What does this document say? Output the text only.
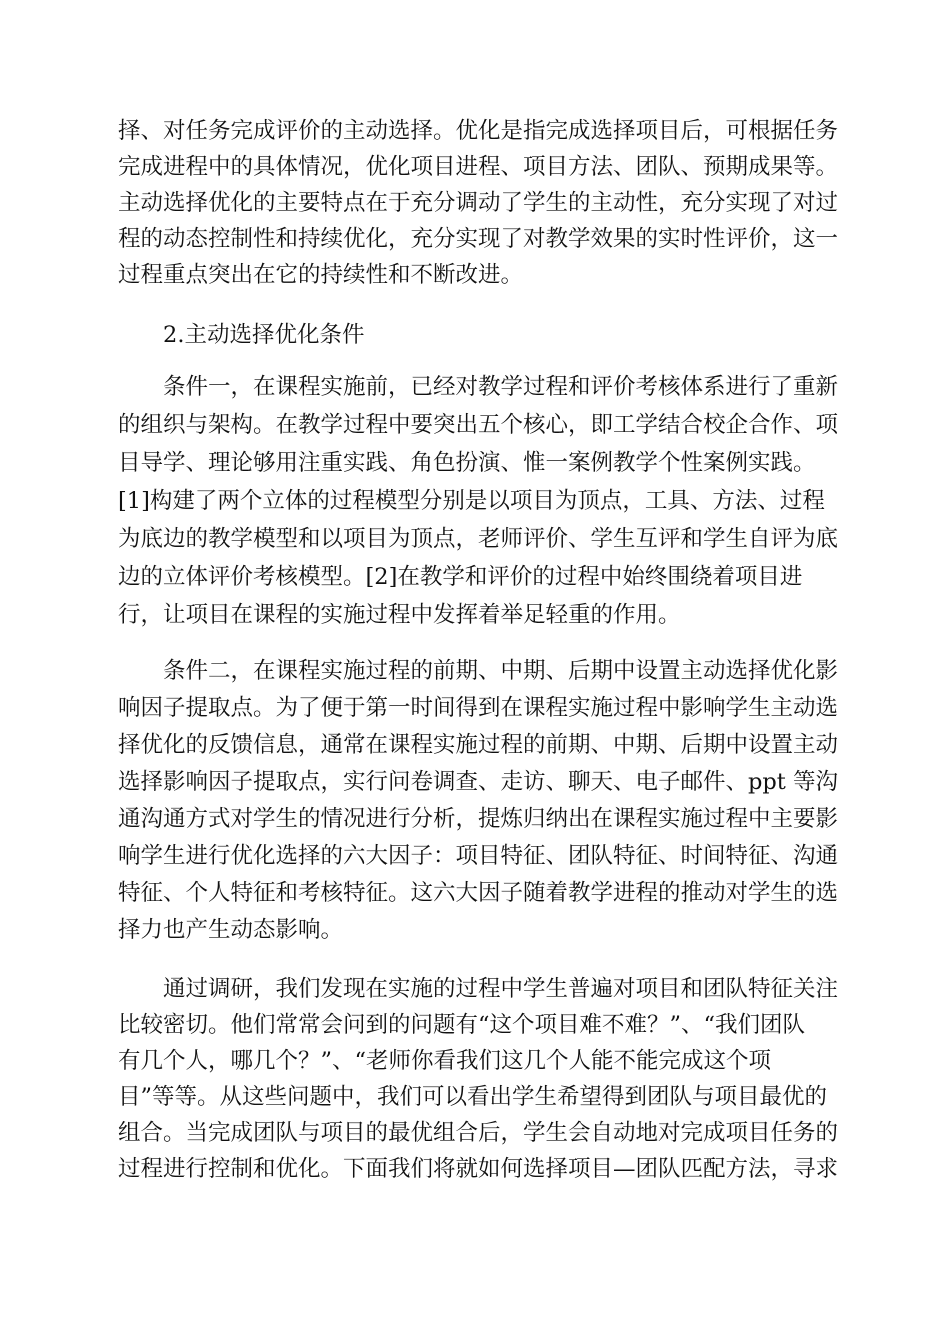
择、对任务完成评价的主动选择。优化是指完成选择项目后，可根据任务

完成进程中的具体情况，优化项目进程、项目方法、团队、预期成果等。

主动选择优化的主要特点在于充分调动了学生的主动性，充分实现了对过

程的动态控制性和持续优化，充分实现了对教学效果的实时性评价，这一

过程重点突出在它的持续性和不断改进。

2.主动选择优化条件

条件一，在课程实施前，已经对教学过程和评价考核体系进行了重新

的组织与架构。在教学过程中要突出五个核心，即工学结合校企合作、项

目导学、理论够用注重实践、角色扮演、惟一案例教学个性案例实践。

[1]构建了两个立体的过程模型分别是以项目为顶点，工具、方法、过程

为底边的教学模型和以项目为顶点，老师评价、学生互评和学生自评为底

边的立体评价考核模型。[2]在教学和评价的过程中始终围绕着项目进

行，让项目在课程的实施过程中发挥着举足轻重的作用。

条件二，在课程实施过程的前期、中期、后期中设置主动选择优化影

响因子提取点。为了便于第一时间得到在课程实施过程中影响学生主动选

择优化的反馈信息，通常在课程实施过程的前期、中期、后期中设置主动

选择影响因子提取点，实行问卷调查、走访、聊天、电子邮件、ppt 等沟

通沟通方式对学生的情况进行分析，提炼归纳出在课程实施过程中主要影

响学生进行优化选择的六大因子：项目特征、团队特征、时间特征、沟通

特征、个人特征和考核特征。这六大因子随着教学进程的推动对学生的选

择力也产生动态影响。

通过调研，我们发现在实施的过程中学生普遍对项目和团队特征关注

比较密切。他们常常会问到的问题有“这个项目难不难？”、“我们团队

有几个人，哪几个？”、“老师你看我们这几个人能不能完成这个项

目”等等。从这些问题中，我们可以看出学生希望得到团队与项目最优的

组合。当完成团队与项目的最优组合后，学生会自动地对完成项目任务的

过程进行控制和优化。下面我们将就如何选择项目—团队匹配方法，寻求
